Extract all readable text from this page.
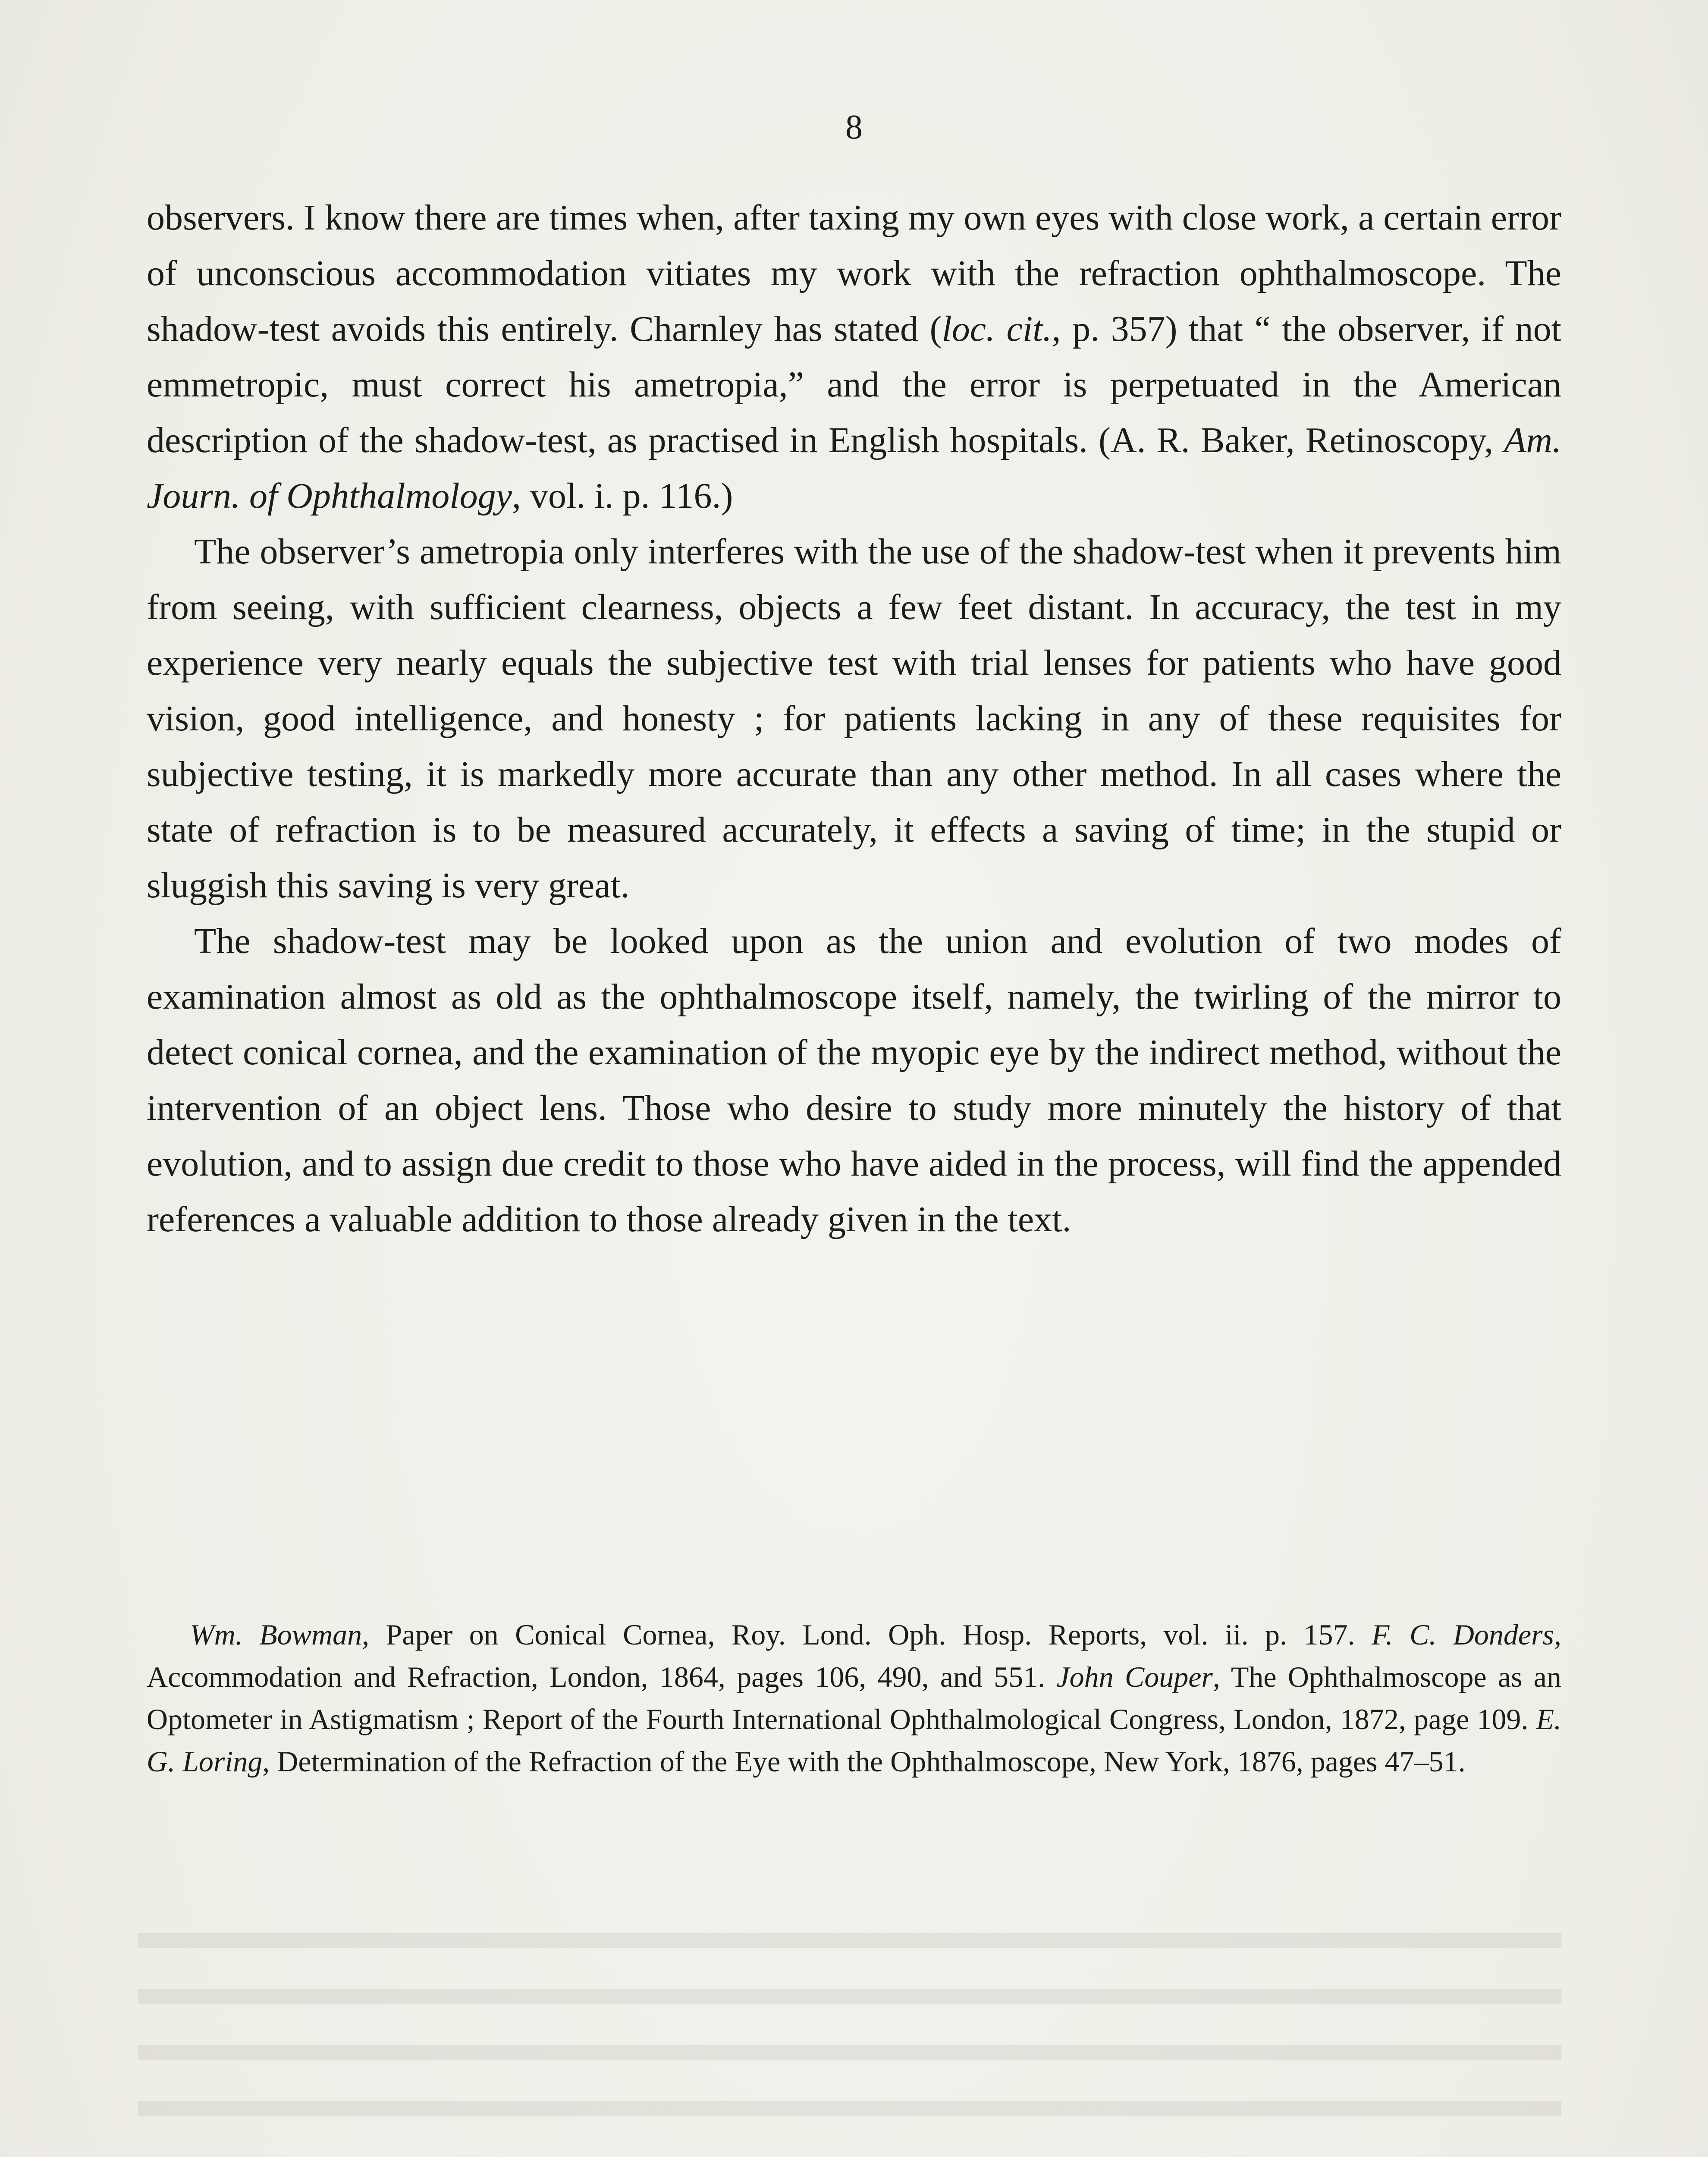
8

observers. I know there are times when, after taxing my own eyes with close work, a certain error of unconscious accommodation vitiates my work with the refraction ophthalmoscope. The shadow-test avoids this entirely. Charnley has stated (loc. cit., p. 357) that “ the observer, if not emmetropic, must correct his ametropia,” and the error is perpetuated in the American description of the shadow-test, as practised in English hospitals. (A. R. Baker, Retinoscopy, Am. Journ. of Ophthalmology, vol. i. p. 116.)

The observer’s ametropia only interferes with the use of the shadow-test when it prevents him from seeing, with sufficient clearness, objects a few feet distant. In accuracy, the test in my experience very nearly equals the subjective test with trial lenses for patients who have good vision, good intelligence, and honesty ; for patients lacking in any of these requisites for subjective testing, it is markedly more accurate than any other method. In all cases where the state of refraction is to be measured accurately, it effects a saving of time; in the stupid or sluggish this saving is very great.

The shadow-test may be looked upon as the union and evolution of two modes of examination almost as old as the ophthalmoscope itself, namely, the twirling of the mirror to detect conical cornea, and the examination of the myopic eye by the indirect method, without the intervention of an object lens. Those who desire to study more minutely the history of that evolution, and to assign due credit to those who have aided in the process, will find the appended references a valuable addition to those already given in the text.

Wm. Bowman, Paper on Conical Cornea, Roy. Lond. Oph. Hosp. Reports, vol. ii. p. 157. F. C. Donders, Accommodation and Refraction, London, 1864, pages 106, 490, and 551. John Couper, The Ophthalmoscope as an Optometer in Astigmatism ; Report of the Fourth International Ophthalmological Congress, London, 1872, page 109. E. G. Loring, Determination of the Refraction of the Eye with the Ophthalmoscope, New York, 1876, pages 47–51.
